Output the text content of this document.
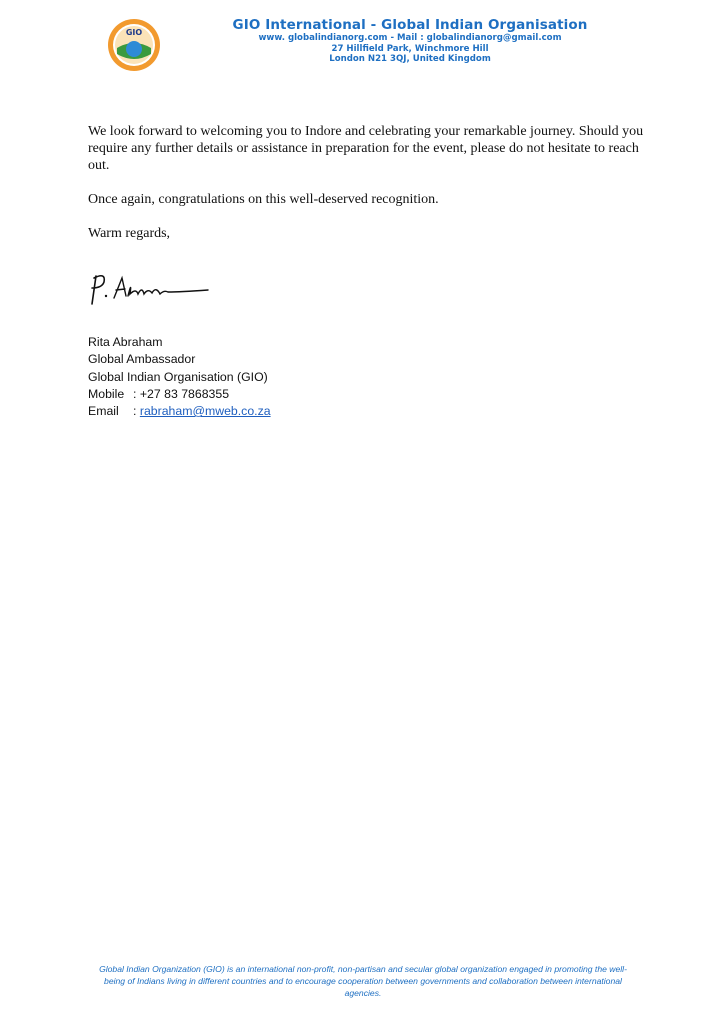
GIO	GIO International - Global Indian Organisation
www. globalindianorg.com - Mail : globalindianorg@gmail.com
27 Hillfield Park, Winchmore Hill
London N21 3QJ, United Kingdom

We look forward to welcoming you to Indore and celebrating your remarkable journey. Should you require any further details or assistance in preparation for the event, please do not hesitate to reach out.

Once again, congratulations on this well-deserved recognition.

Warm regards,

Rita Abraham
Global Ambassador
Global Indian Organisation (GIO)
Mobile : +27 83 7868355
Email : rabraham@mweb.co.za
Global Indian Organization (GIO) is an international non-profit, non-partisan and secular global organization engaged in promoting the well-being of Indians living in different countries and to encourage cooperation between governments and collaboration between international agencies.
